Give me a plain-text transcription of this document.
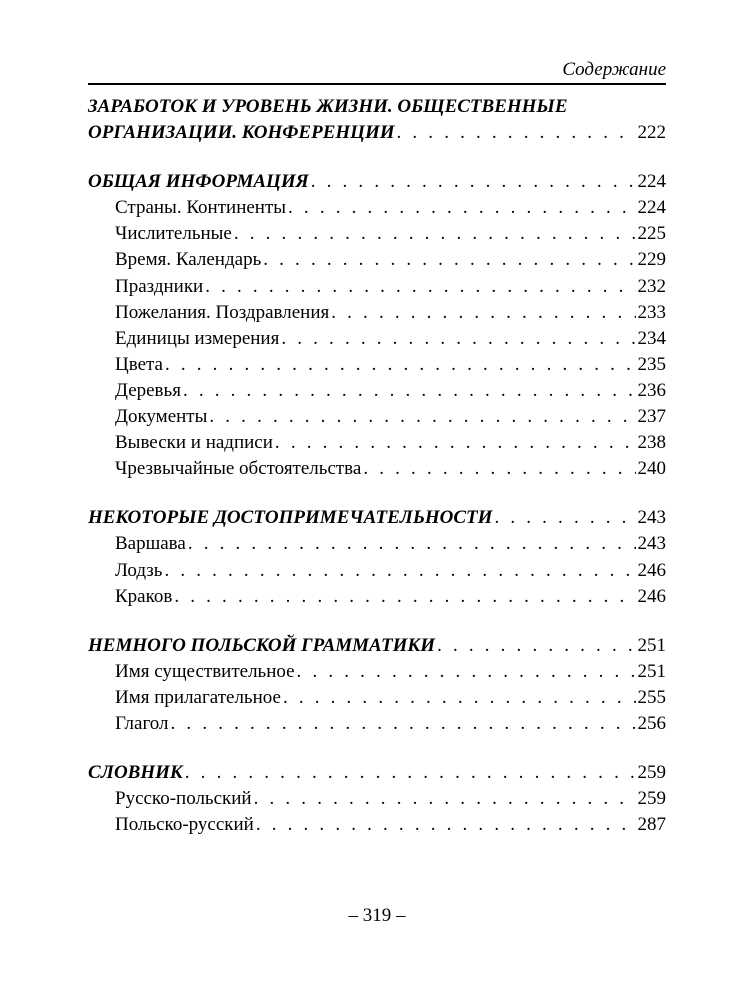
Содержание
ЗАРАБОТОК И УРОВЕНЬ ЖИЗНИ. ОБЩЕСТВЕННЫЕ
ОРГАНИЗАЦИИ. КОНФЕРЕНЦИИ . . .	222
ОБЩАЯ ИНФОРМАЦИЯ . . .	224
Страны. Континенты . . .	224
Числительные . . .	225
Время. Календарь . . .	229
Праздники . . .	232
Пожелания. Поздравления . . .	233
Единицы измерения . . .	234
Цвета . . .	235
Деревья . . .	236
Документы . . .	237
Вывески и надписи . . .	238
Чрезвычайные обстоятельства . . .	240
НЕКОТОРЫЕ ДОСТОПРИМЕЧАТЕЛЬНОСТИ . . .	243
Варшава . . .	243
Лодзь . . .	246
Краков . . .	246
НЕМНОГО ПОЛЬСКОЙ ГРАММАТИКИ . . .	251
Имя существительное . . .	251
Имя прилагательное . . .	255
Глагол . . .	256
СЛОВНИК . . .	259
Русско-польский . . .	259
Польско-русский . . .	287
– 319 –
